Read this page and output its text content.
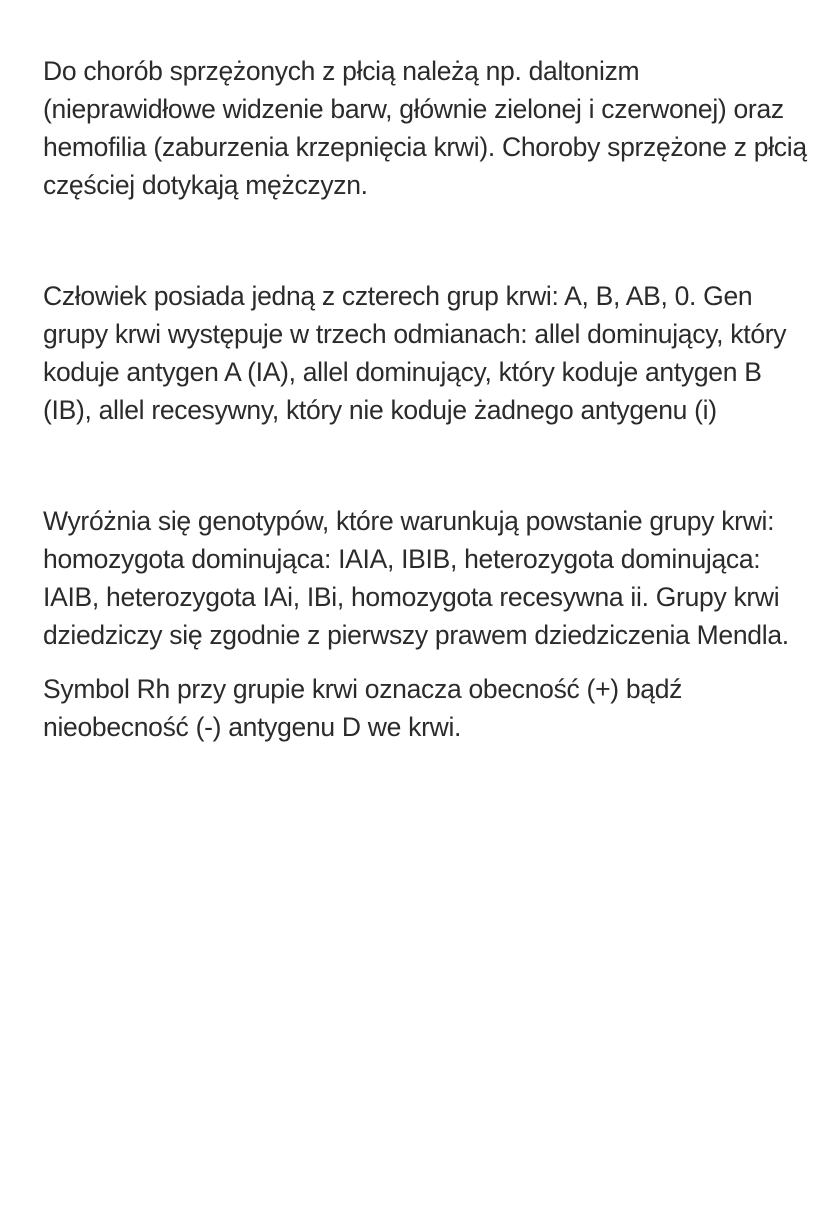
Do chorób sprzężonych z płcią należą np. daltonizm (nieprawidłowe widzenie barw, głównie zielonej i czerwonej) oraz hemofilia (zaburzenia krzepnięcia krwi). Choroby sprzężone z płcią częściej dotykają mężczyzn.

Człowiek posiada jedną z czterech grup krwi: A, B, AB, 0. Gen grupy krwi występuje w trzech odmianach: allel dominujący, który koduje antygen A (IA), allel dominujący, który koduje antygen B (IB), allel recesywny, który nie koduje żadnego antygenu (i)

Wyróżnia się genotypów, które warunkują powstanie grupy krwi: homozygota dominująca: IAIA, IBIB, heterozygota dominująca: IAIB, heterozygota IAi, IBi, homozygota recesywna ii. Grupy krwi dziedziczy się zgodnie z pierwszy prawem dziedziczenia Mendla.

Symbol Rh przy grupie krwi oznacza obecność (+) bądź nieobecność (-) antygenu D we krwi.
